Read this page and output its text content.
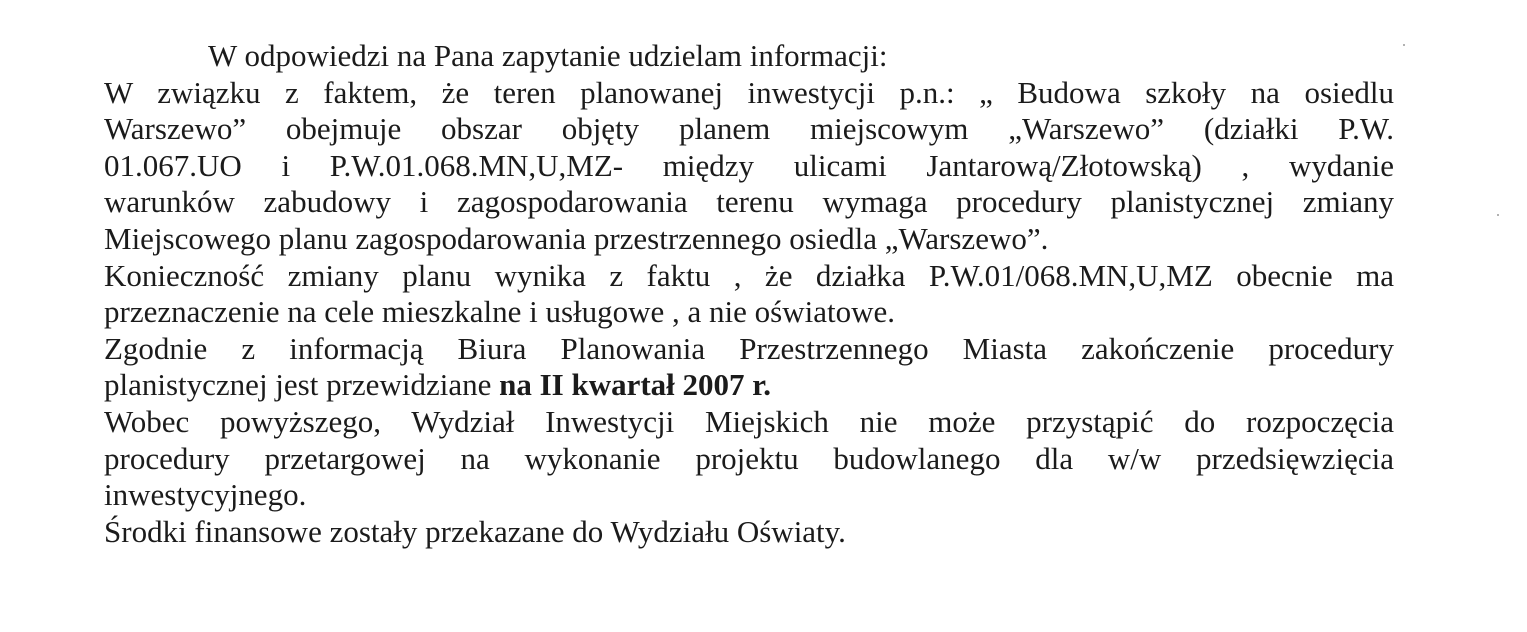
W odpowiedzi na Pana zapytanie udzielam informacji:
W związku z faktem, że teren planowanej inwestycji p.n.: „ Budowa szkoły na osiedlu
Warszewo” obejmuje obszar objęty planem miejscowym „Warszewo” (działki P.W.
01.067.UO i P.W.01.068.MN,U,MZ- między ulicami Jantarową/Złotowską) , wydanie
warunków zabudowy i zagospodarowania terenu wymaga procedury planistycznej zmiany
Miejscowego planu zagospodarowania przestrzennego osiedla „Warszewo”.
Konieczność zmiany planu wynika z faktu , że działka P.W.01/068.MN,U,MZ obecnie ma
przeznaczenie na cele mieszkalne i usługowe , a nie oświatowe.
Zgodnie z informacją Biura Planowania Przestrzennego Miasta zakończenie procedury
planistycznej jest przewidziane na II kwartał 2007 r.
Wobec powyższego, Wydział Inwestycji Miejskich nie może przystąpić do rozpoczęcia
procedury przetargowej na wykonanie projektu budowlanego dla w/w przedsięwzięcia
inwestycyjnego.
Środki finansowe zostały przekazane do Wydziału Oświaty.
